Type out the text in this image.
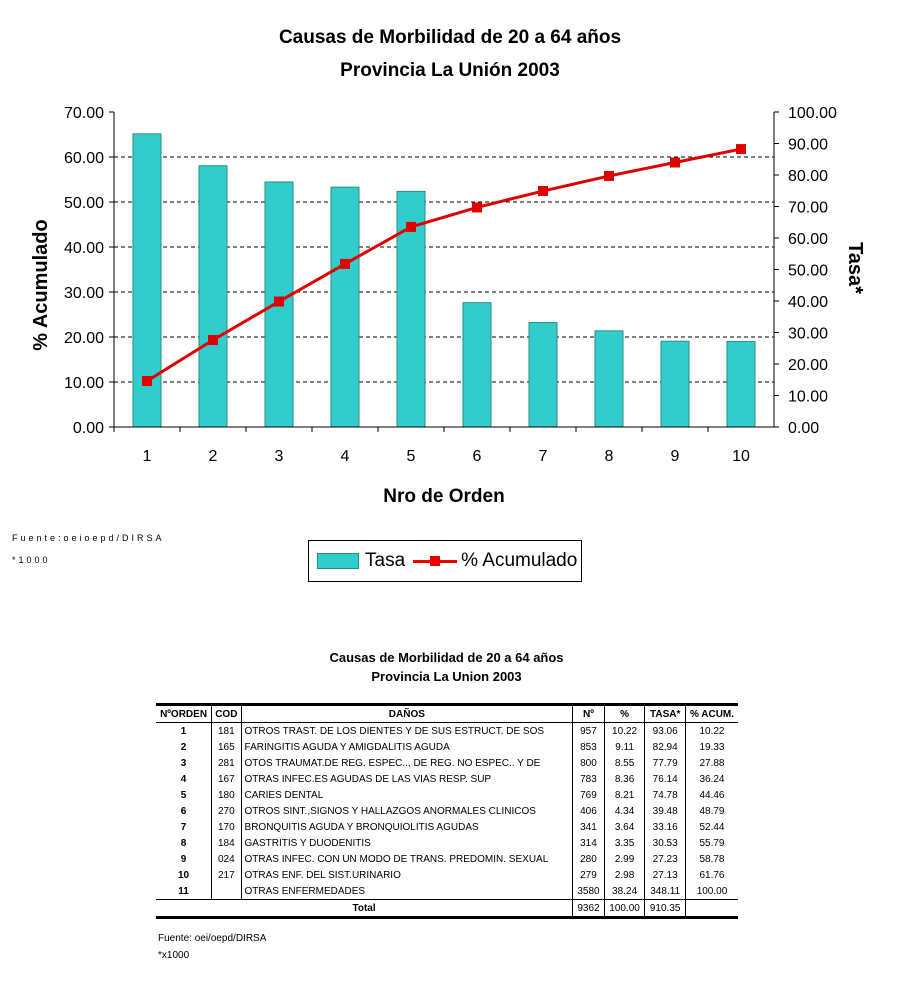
Causas de Morbilidad de 20 a 64 años
Provincia La Unión 2003
0.00
10.00
20.00
30.00
40.00
50.00
60.00
70.00
0.00
10.00
20.00
30.00
40.00
50.00
60.00
70.00
80.00
90.00
100.00
1	2	3	4	5	6	7	8	9	10
Nro de Orden
% Acumulado	Tasa*
Fuente:oeioepd/DIRSA
*1000	Tasa	% Acumulado
Causas de Morbilidad de 20 a 64 años
Provincia La Union 2003
NºORDEN	COD	DAÑOS	Nº	%	TASA*	% ACUM.
1	181	OTROS TRAST. DE LOS DIENTES Y DE SUS ESTRUCT. DE SOS	957	10.22	93.06	10.22
2	165	FARINGITIS AGUDA Y AMIGDALITIS AGUDA	853	9.11	82.94	19.33
3	281	OTOS TRAUMAT.DE REG. ESPEC.., DE REG. NO ESPEC.. Y DE	800	8.55	77.79	27.88
4	167	OTRAS INFEC.ES AGUDAS DE LAS VIAS RESP. SUP	783	8.36	76.14	36.24
5	180	CARIES DENTAL	769	8.21	74.78	44.46
6	270	OTROS SINT.,SIGNOS Y HALLAZGOS ANORMALES CLINICOS	406	4.34	39.48	48.79
7	170	BRONQUITIS AGUDA Y BRONQUIOLITIS AGUDAS	341	3.64	33.16	52.44
8	184	GASTRITIS Y DUODENITIS	314	3.35	30.53	55.79
9	024	OTRAS INFEC. CON UN MODO DE TRANS. PREDOMIN. SEXUAL	280	2.99	27.23	58.78
10	217	OTRAS ENF. DEL SIST.URINARIO	279	2.98	27.13	61.76
11		OTRAS ENFERMEDADES	3580	38.24	348.11	100.00
Total			9362	100.00	910.35	
Fuente: oei/oepd/DIRSA
*x1000
